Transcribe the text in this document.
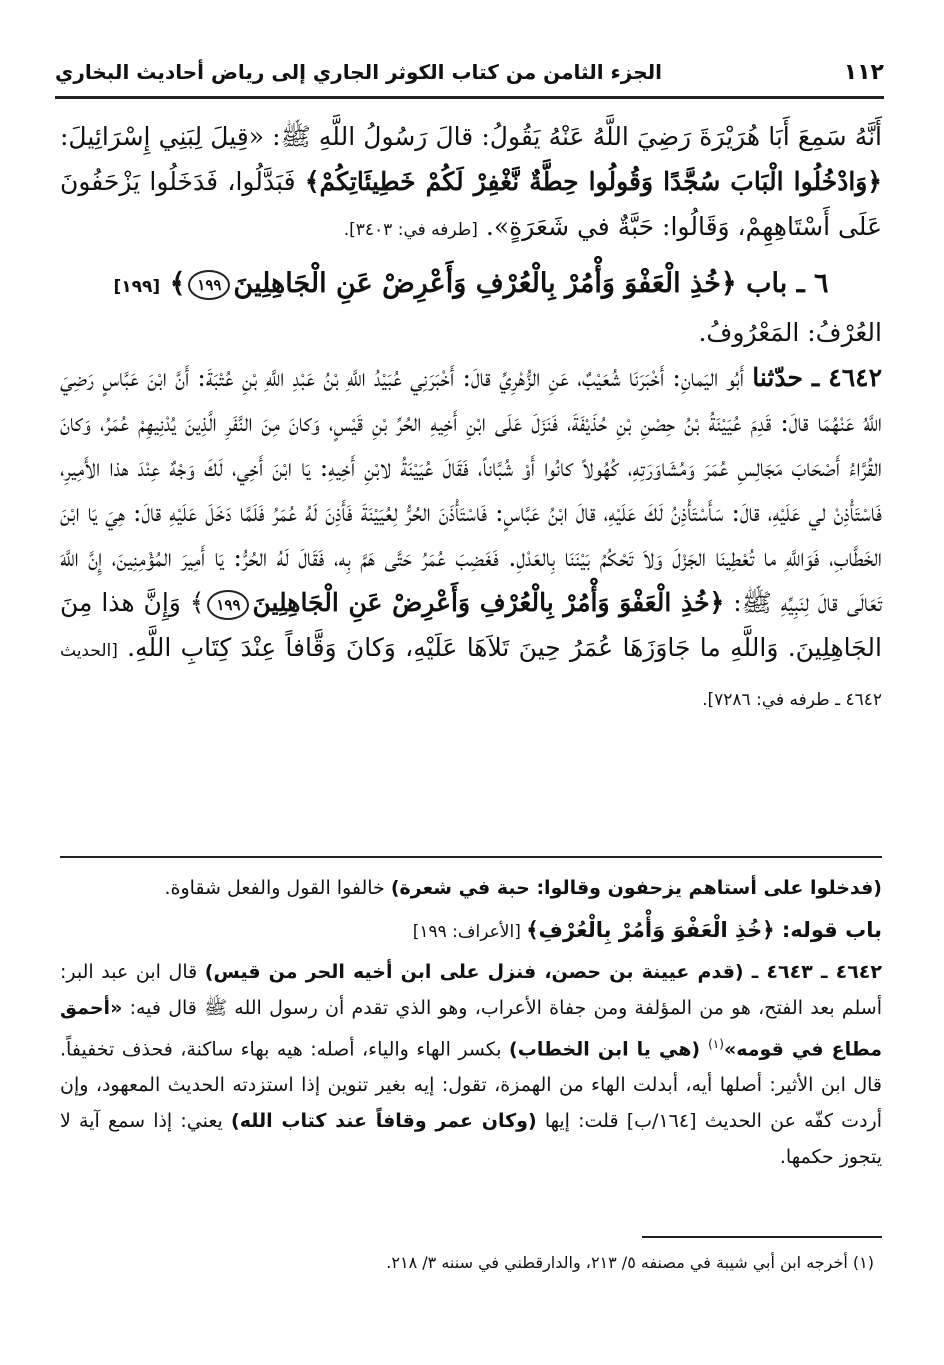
١١٢
الجزء الثامن من كتاب الكوثر الجاري إلى رياض أحاديث البخاري

أَنَّهُ سَمِعَ أَبَا هُرَيْرَةَ رَضِيَ اللَّهُ عَنْهُ يَقُولُ: قالَ رَسُولُ اللَّهِ ﷺ: «قِيلَ لِبَنِي إِسْرَائِيلَ: ﴿وَادْخُلُوا الْبَابَ سُجَّدًا وَقُولُوا حِطَّةٌ نَّغْفِرْ لَكُمْ خَطِيئَاتِكُمْ﴾ فَبَدَّلُوا، فَدَخَلُوا يَزْحَفُونَ عَلَى أَسْتَاهِهِمْ، وَقَالُوا: حَبَّةٌ في شَعَرَةٍ». [طرفه في: ٣٤٠٣].

٦ ـ باب ﴿خُذِ الْعَفْوَ وَأْمُرْ بِالْعُرْفِ وَأَعْرِضْ عَنِ الْجَاهِلِينَ١٩٩﴾ [١٩٩]

العُرْفُ: المَعْرُوفُ.

٤٦٤٢ ـ حدّثنا أَبُو اليَمانِ: أَخْبَرَنَا شُعَيْبٌ، عَنِ الزُّهْرِيِّ قالَ: أَخْبَرَنِي عُبَيْدُ اللَّهِ بْنُ عَبْدِ اللَّهِ بْنِ عُتْبَةَ: أَنَّ ابْنَ عَبَّاسٍ رَضِيَ اللَّهُ عَنْهُمَا قالَ: قَدِمَ عُيَيْنَةُ بْنُ حِصْنِ بْنِ حُذَيْفَةَ، فَنَزَلَ عَلَى ابْنِ أَخِيهِ الحُرِّ بْنِ قَيْسٍ، وَكانَ مِنَ النَّفَرِ الَّذِينَ يُدْنِيهِمْ عُمَرُ، وَكانَ القُرَّاءُ أَصْحَابَ مَجَالِسِ عُمَرَ وَمُشَاوَرَتِهِ، كُهُولاً كانُوا أَوْ شُبَّاناً، فَقَالَ عُيَيْنَةُ لابْنِ أَخِيهِ: يَا ابْنَ أَخِي، لَكَ وَجْهٌ عِنْدَ هذا الأَمِيرِ، فَاسْتَأْذِنْ لي عَلَيْهِ، قالَ: سَأَسْتَأْذِنُ لَكَ عَلَيْهِ، قالَ ابْنُ عَبَّاسٍ: فَاسْتَأْذَنَ الحُرُّ لِعُيَيْنَةَ فَأَذِنَ لَهُ عُمَرُ فَلَمَّا دَخَلَ عَلَيْهِ قالَ: هِيَ يَا ابْنَ الخَطَّابِ، فَوَاللَّهِ ما تُعْطِينَا الجَزْلَ وَلاَ تَحْكُمُ بَيْنَنَا بِالعَدْلِ. فَغَضِبَ عُمَرُ حَتَّى هَمَّ بِه، فَقَالَ لَهُ الحُرُّ: يَا أَمِيرَ المُؤْمِنِينَ، إِنَّ اللَّهَ تَعَالَى قالَ لِنَبِيِّهِ ﷺ: ﴿خُذِ الْعَفْوَ وَأْمُرْ بِالْعُرْفِ وَأَعْرِضْ عَنِ الْجَاهِلِينَ١٩٩﴾ وَإِنَّ هذا مِنَ الجَاهِلِينَ. وَاللَّهِ ما جَاوَزَهَا عُمَرُ حِينَ تَلاَهَا عَلَيْهِ، وَكانَ وَقَّافاً عِنْدَ كِتَابِ اللَّهِ. [الحديث ٤٦٤٢ ـ طرفه في: ٧٢٨٦].

(فدخلوا على أستاهم يزحفون وقالوا: حبة في شعرة) خالفوا القول والفعل شقاوة.

باب قوله: ﴿خُذِ الْعَفْوَ وَأْمُرْ بِالْعُرْفِ﴾ [الأعراف: ١٩٩]

٤٦٤٢ ـ ٤٦٤٣ ـ (قدم عيينة بن حصن، فنزل على ابن أخيه الحر من قيس) قال ابن عبد البر: أسلم بعد الفتح، هو من المؤلفة ومن جفاة الأعراب، وهو الذي تقدم أن رسول الله ﷺ قال فيه: «أحمق مطاع في قومه»$^{(١)}$ (هي يا ابن الخطاب) بكسر الهاء والياء، أصله: هيه بهاء ساكنة، فحذف تخفيفاً. قال ابن الأثير: أصلها أيه، أبدلت الهاء من الهمزة، تقول: إيه بغير تنوين إذا استزدته الحديث المعهود، وإن أردت كفّه عن الحديث [١٦٤/ب] قلت: إيها (وكان عمر وقافاً عند كتاب الله) يعني: إذا سمع آية لا يتجوز حكمها.

(١) أخرجه ابن أبي شيبة في مصنفه ٥/ ٢١٣، والدارقطني في سننه ٣/ ٢١٨.
